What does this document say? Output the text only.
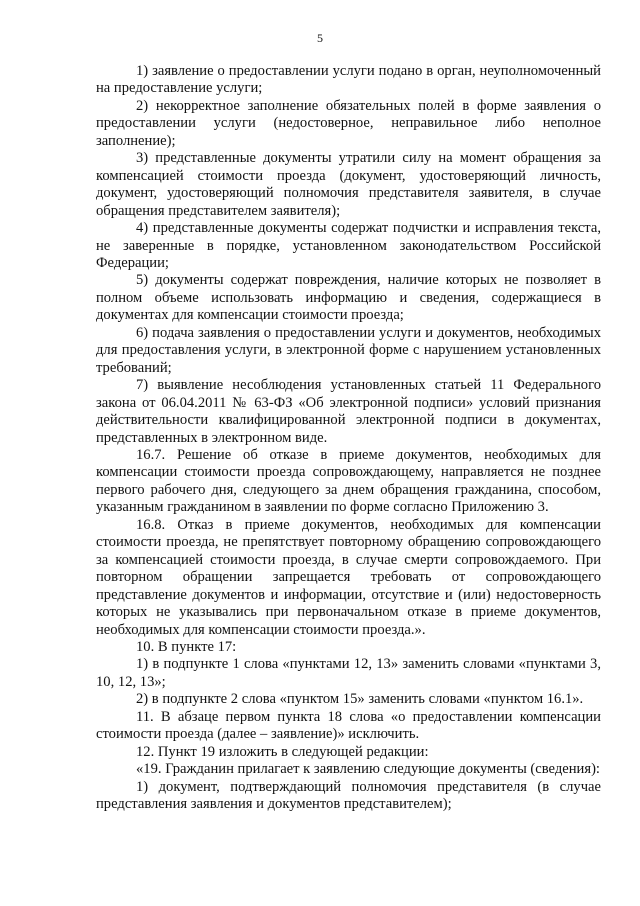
5

1) заявление о предоставлении услуги подано в орган, неуполномоченный на предоставление услуги;

2) некорректное заполнение обязательных полей в форме заявления о предоставлении услуги (недостоверное, неправильное либо неполное заполнение);

3) представленные документы утратили силу на момент обращения за компенсацией стоимости проезда (документ, удостоверяющий личность, документ, удостоверяющий полномочия представителя заявителя, в случае обращения представителем заявителя);

4) представленные документы содержат подчистки и исправления текста, не заверенные в порядке, установленном законодательством Российской Федерации;

5) документы содержат повреждения, наличие которых не позволяет в полном объеме использовать информацию и сведения, содержащиеся в документах для компенсации стоимости проезда;

6) подача заявления о предоставлении услуги и документов, необходимых для предоставления услуги, в электронной форме с нарушением установленных требований;

7) выявление несоблюдения установленных статьей 11 Федерального закона от 06.04.2011 № 63-ФЗ «Об электронной подписи» условий признания действительности квалифицированной электронной подписи в документах, представленных в электронном виде.

16.7. Решение об отказе в приеме документов, необходимых для компенсации стоимости проезда сопровождающему, направляется не позднее первого рабочего дня, следующего за днем обращения гражданина, способом, указанным гражданином в заявлении по форме согласно Приложению 3.

16.8. Отказ в приеме документов, необходимых для компенсации стоимости проезда, не препятствует повторному обращению сопровождающего за компенсацией стоимости проезда, в случае смерти сопровождаемого. При повторном обращении запрещается требовать от сопровождающего представление документов и информации, отсутствие и (или) недостоверность которых не указывались при первоначальном отказе в приеме документов, необходимых для компенсации стоимости проезда.».

10. В пункте 17:

1) в подпункте 1 слова «пунктами 12, 13» заменить словами «пунктами 3, 10, 12, 13»;

2) в подпункте 2 слова «пунктом 15» заменить словами «пунктом 16.1».

11. В абзаце первом пункта 18 слова «о предоставлении компенсации стоимости проезда (далее – заявление)» исключить.

12. Пункт 19 изложить в следующей редакции:

«19. Гражданин прилагает к заявлению следующие документы (сведения):

1) документ, подтверждающий полномочия представителя (в случае представления заявления и документов представителем);
